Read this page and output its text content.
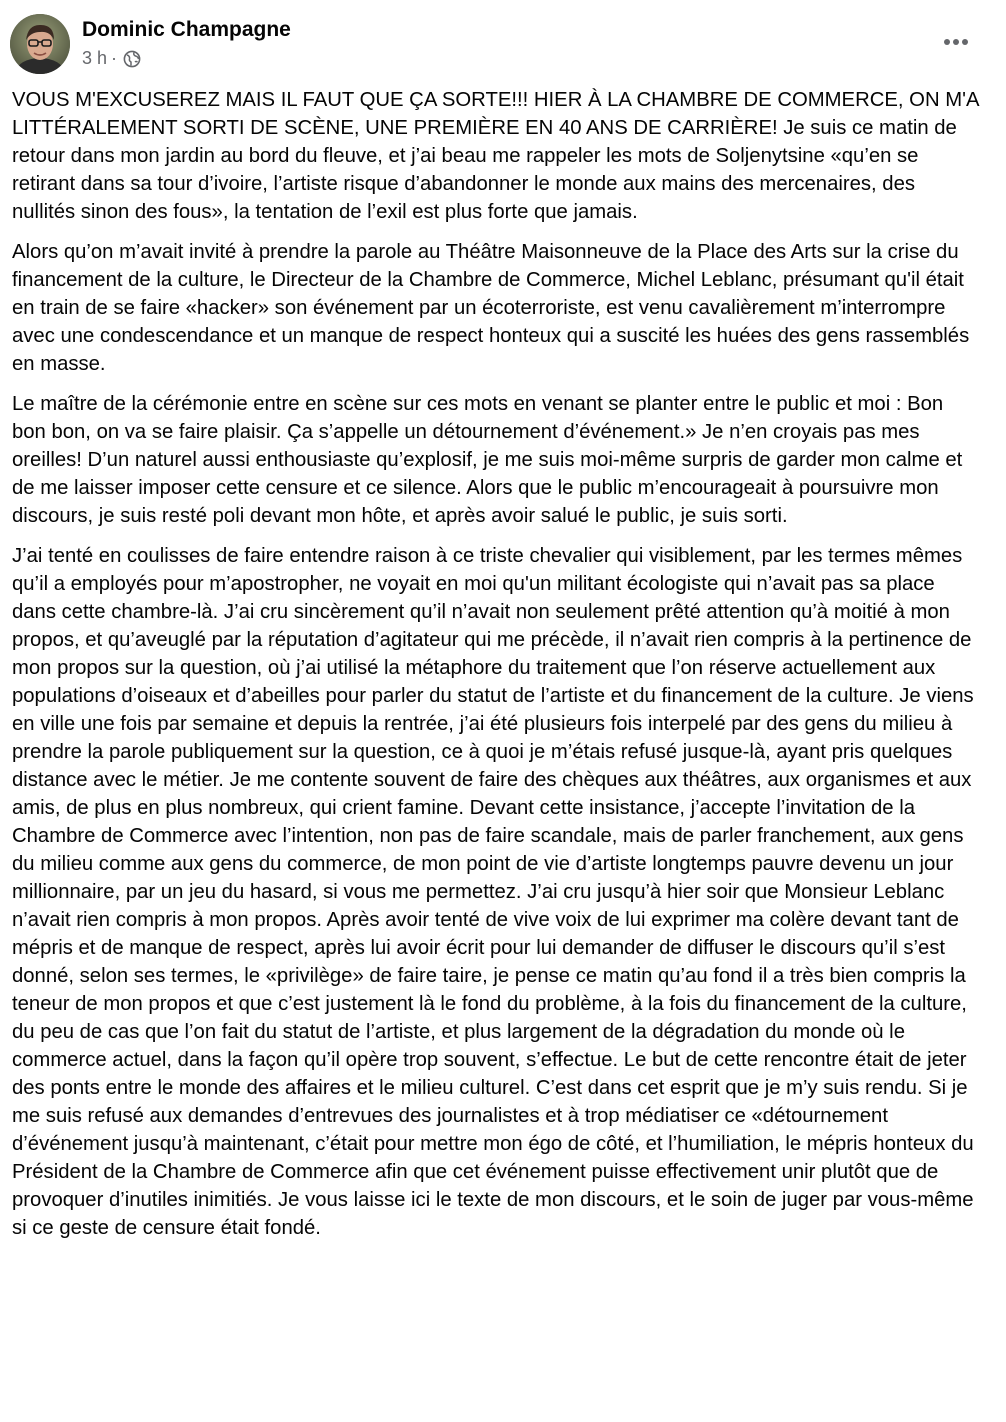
Dominic Champagne
3 h ·

VOUS M'EXCUSEREZ MAIS IL FAUT QUE ÇA SORTE!!! HIER À LA CHAMBRE DE COMMERCE, ON M'A LITTÉRALEMENT SORTI DE SCÈNE, UNE PREMIÈRE EN 40 ANS DE CARRIÈRE! Je suis ce matin de retour dans mon jardin au bord du fleuve, et j’ai beau me rappeler les mots de Soljenytsine «qu’en se retirant dans sa tour d’ivoire, l’artiste risque d’abandonner le monde aux mains des mercenaires, des nullités sinon des fous», la tentation de l’exil est plus forte que jamais.

Alors qu’on m’avait invité à prendre la parole au Théâtre Maisonneuve de la Place des Arts sur la crise du financement de la culture, le Directeur de la Chambre de Commerce, Michel Leblanc, présumant qu'il était en train de se faire «hacker» son événement par un écoterroriste, est venu cavalièrement m’interrompre avec une condescendance et un manque de respect honteux qui a suscité les huées des gens rassemblés en masse.

Le maître de la cérémonie entre en scène sur ces mots en venant se planter entre le public et moi : Bon bon bon, on va se faire plaisir. Ça s’appelle un détournement d’événement.» Je n’en croyais pas mes oreilles! D’un naturel aussi enthousiaste qu’explosif, je me suis moi-même surpris de garder mon calme et de me laisser imposer cette censure et ce silence. Alors que le public m’encourageait à poursuivre mon discours, je suis resté poli devant mon hôte, et après avoir salué le public, je suis sorti.

J’ai tenté en coulisses de faire entendre raison à ce triste chevalier qui visiblement, par les termes mêmes qu’il a employés pour m’apostropher, ne voyait en moi qu'un militant écologiste qui n’avait pas sa place dans cette chambre-là. J’ai cru sincèrement qu’il n’avait non seulement prêté attention qu’à moitié à mon propos, et qu’aveuglé par la réputation d’agitateur qui me précède, il n’avait rien compris à la pertinence de mon propos sur la question, où j’ai utilisé la métaphore du traitement que l’on réserve actuellement aux populations d’oiseaux et d’abeilles pour parler du statut de l’artiste et du financement de la culture. Je viens en ville une fois par semaine et depuis la rentrée, j’ai été plusieurs fois interpelé par des gens du milieu à prendre la parole publiquement sur la question, ce à quoi je m’étais refusé jusque-là, ayant pris quelques distance avec le métier. Je me contente souvent de faire des chèques aux théâtres, aux organismes et aux amis, de plus en plus nombreux, qui crient famine. Devant cette insistance, j’accepte l’invitation de la Chambre de Commerce avec l’intention, non pas de faire scandale, mais de parler franchement, aux gens du milieu comme aux gens du commerce, de mon point de vie d’artiste longtemps pauvre devenu un jour millionnaire, par un jeu du hasard, si vous me permettez. J’ai cru jusqu’à hier soir que Monsieur Leblanc n’avait rien compris à mon propos. Après avoir tenté de vive voix de lui exprimer ma colère devant tant de mépris et de manque de respect, après lui avoir écrit pour lui demander de diffuser le discours qu’il s’est donné, selon ses termes, le «privilège» de faire taire, je pense ce matin qu’au fond il a très bien compris la teneur de mon propos et que c’est justement là le fond du problème, à la fois du financement de la culture, du peu de cas que l’on fait du statut de l’artiste, et plus largement de la dégradation du monde où le commerce actuel, dans la façon qu’il opère trop souvent, s’effectue. Le but de cette rencontre était de jeter des ponts entre le monde des affaires et le milieu culturel. C’est dans cet esprit que je m’y suis rendu. Si je me suis refusé aux demandes d’entrevues des journalistes et à trop médiatiser ce «détournement d’événement jusqu’à maintenant, c’était pour mettre mon égo de côté, et l’humiliation, le mépris honteux du Président de la Chambre de Commerce afin que cet événement puisse effectivement unir plutôt que de provoquer d’inutiles inimitiés. Je vous laisse ici le texte de mon discours, et le soin de juger par vous-même si ce geste de censure était fondé.
